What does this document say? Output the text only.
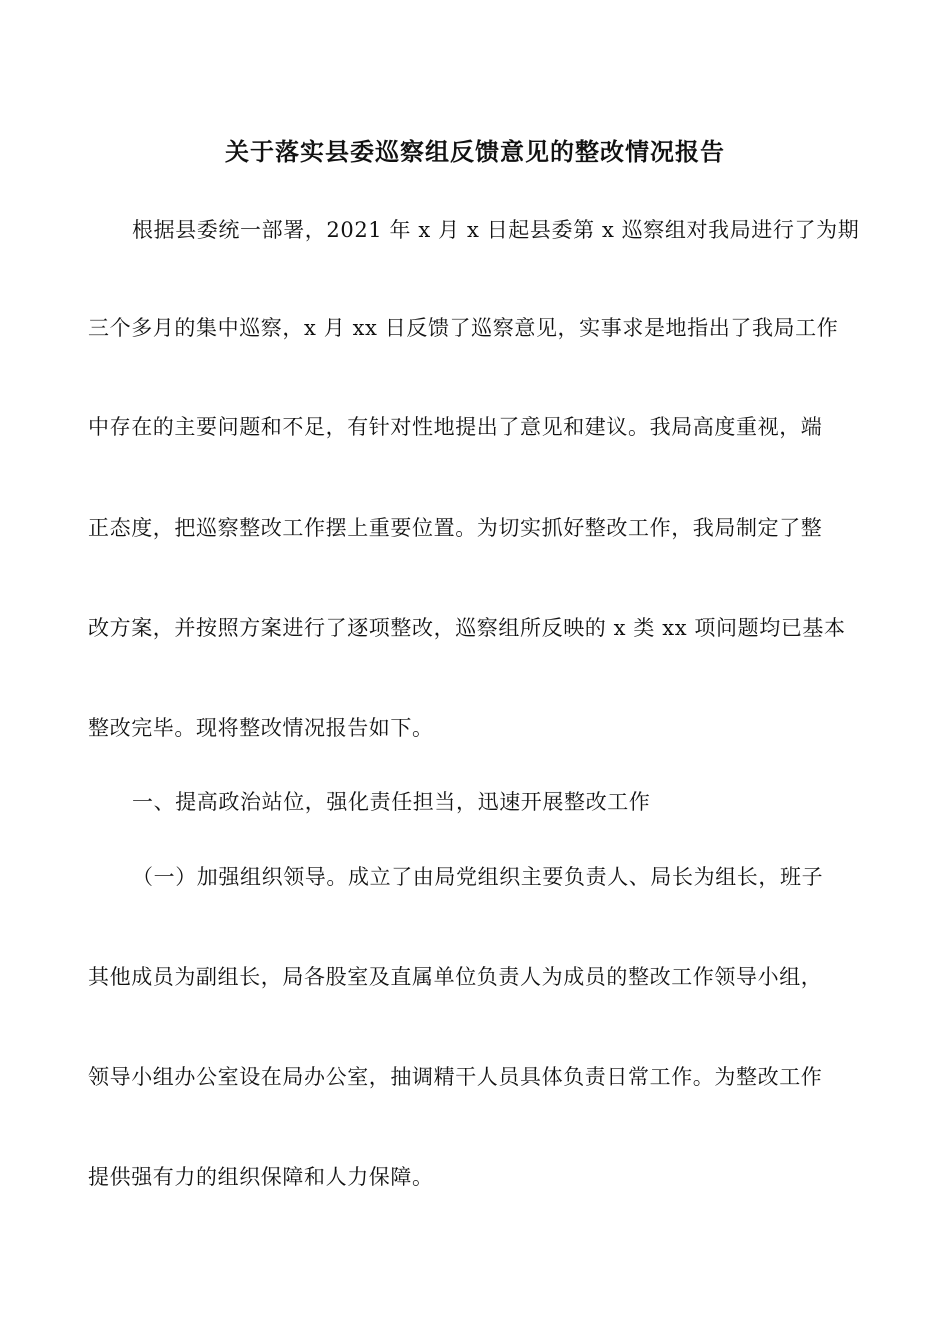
关于落实县委巡察组反馈意见的整改情况报告
根据县委统一部署，2021 年 x 月 x 日起县委第 x 巡察组对我局进行了为期
三个多月的集中巡察，x 月 xx 日反馈了巡察意见，实事求是地指出了我局工作
中存在的主要问题和不足，有针对性地提出了意见和建议。我局高度重视，端
正态度，把巡察整改工作摆上重要位置。为切实抓好整改工作，我局制定了整
改方案，并按照方案进行了逐项整改，巡察组所反映的 x 类 xx 项问题均已基本
整改完毕。现将整改情况报告如下。
一、提高政治站位，强化责任担当，迅速开展整改工作
（一）加强组织领导。成立了由局党组织主要负责人、局长为组长，班子
其他成员为副组长，局各股室及直属单位负责人为成员的整改工作领导小组，
领导小组办公室设在局办公室，抽调精干人员具体负责日常工作。为整改工作
提供强有力的组织保障和人力保障。
